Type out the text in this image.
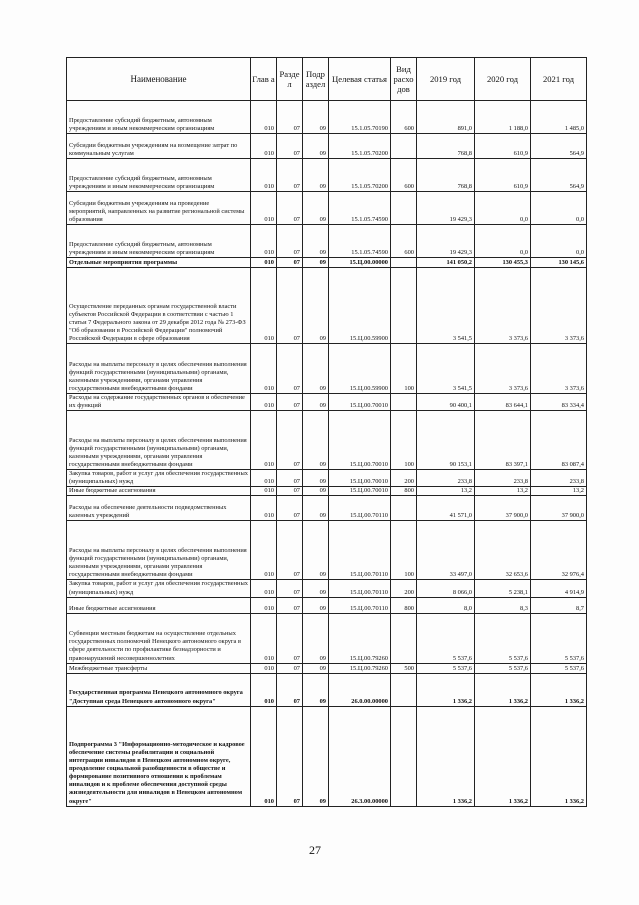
Наименование	Глав а	Разде л	Подр аздел	Целевая статья	Вид расхо дов	2019 год	2020 год	2021 год
Предоставление субсидий бюджетным, автономным учреждениям и иным некоммерческим организациям	010	07	09	15.1.05.70190	600	891,0	1 188,0	1 485,0
Субсидии бюджетным учреждениям на возмещение затрат по коммунальным услугам	010	07	09	15.1.05.70200		768,8	610,9	564,9
Предоставление субсидий бюджетным, автономным учреждениям и иным некоммерческим организациям	010	07	09	15.1.05.70200	600	768,8	610,9	564,9
Субсидии бюджетным учреждениям на проведение мероприятий, направленных на развитие региональной системы образования	010	07	09	15.1.05.74590		19 429,3	0,0	0,0
Предоставление субсидий бюджетным, автономным учреждениям и иным некоммерческим организациям	010	07	09	15.1.05.74590	600	19 429,3	0,0	0,0
Отдельные мероприятия программы	010	07	09	15.Ц.00.00000		141 050,2	130 455,3	130 145,6
Осуществление переданных органам государственной власти субъектов Российской Федерации в соответствии с частью 1 статьи 7 Федерального закона от 29 декабря 2012 года № 273-ФЗ "Об образовании в Российской Федерации" полномочий Российской Федерации в сфере образования	010	07	09	15.Ц.00.59900		3 541,5	3 373,6	3 373,6
Расходы на выплаты персоналу в целях обеспечения выполнения функций государственными (муниципальными) органами, казенными учреждениями, органами управления государственными внебюджетными фондами	010	07	09	15.Ц.00.59900	100	3 541,5	3 373,6	3 373,6
Расходы на содержание государственных органов и обеспечение их функций	010	07	09	15.Ц.00.70010		90 400,1	83 644,1	83 334,4
Расходы на выплаты персоналу в целях обеспечения выполнения функций государственными (муниципальными) органами, казенными учреждениями, органами управления государственными внебюджетными фондами	010	07	09	15.Ц.00.70010	100	90 153,1	83 397,1	83 087,4
Закупка товаров, работ и услуг для обеспечения государственных (муниципальных) нужд	010	07	09	15.Ц.00.70010	200	233,8	233,8	233,8
Иные бюджетные ассигнования	010	07	09	15.Ц.00.70010	800	13,2	13,2	13,2
Расходы на обеспечение деятельности подведомственных казенных учреждений	010	07	09	15.Ц.00.70110		41 571,0	37 900,0	37 900,0
Расходы на выплаты персоналу в целях обеспечения выполнения функций государственными (муниципальными) органами, казенными учреждениями, органами управления государственными внебюджетными фондами	010	07	09	15.Ц.00.70110	100	33 497,0	32 653,6	32 976,4
Закупка товаров, работ и услуг для обеспечения государственных (муниципальных) нужд	010	07	09	15.Ц.00.70110	200	8 066,0	5 238,1	4 914,9
Иные бюджетные ассигнования	010	07	09	15.Ц.00.70110	800	8,0	8,3	8,7
Субвенции местным бюджетам на осуществление отдельных государственных полномочий Ненецкого автономного округа в сфере деятельности по профилактике безнадзорности и правонарушений несовершеннолетних	010	07	09	15.Ц.00.79260		5 537,6	5 537,6	5 537,6
Межбюджетные трансферты	010	07	09	15.Ц.00.79260	500	5 537,6	5 537,6	5 537,6
Государственная программа Ненецкого автономного округа "Доступная среда Ненецкого автономного округа"	010	07	09	26.0.00.00000		1 336,2	1 336,2	1 336,2
Подпрограмма 3 "Информационно-методическое и кадровое обеспечение системы реабилитации и социальной интеграции инвалидов в Ненецком автономном округе, преодоление социальной разобщенности в обществе и формирование позитивного отношения к проблемам инвалидов и к проблеме обеспечения доступной среды жизнедеятельности для инвалидов в Ненецком автономном округе"	010	07	09	26.3.00.00000		1 336,2	1 336,2	1 336,2
27
